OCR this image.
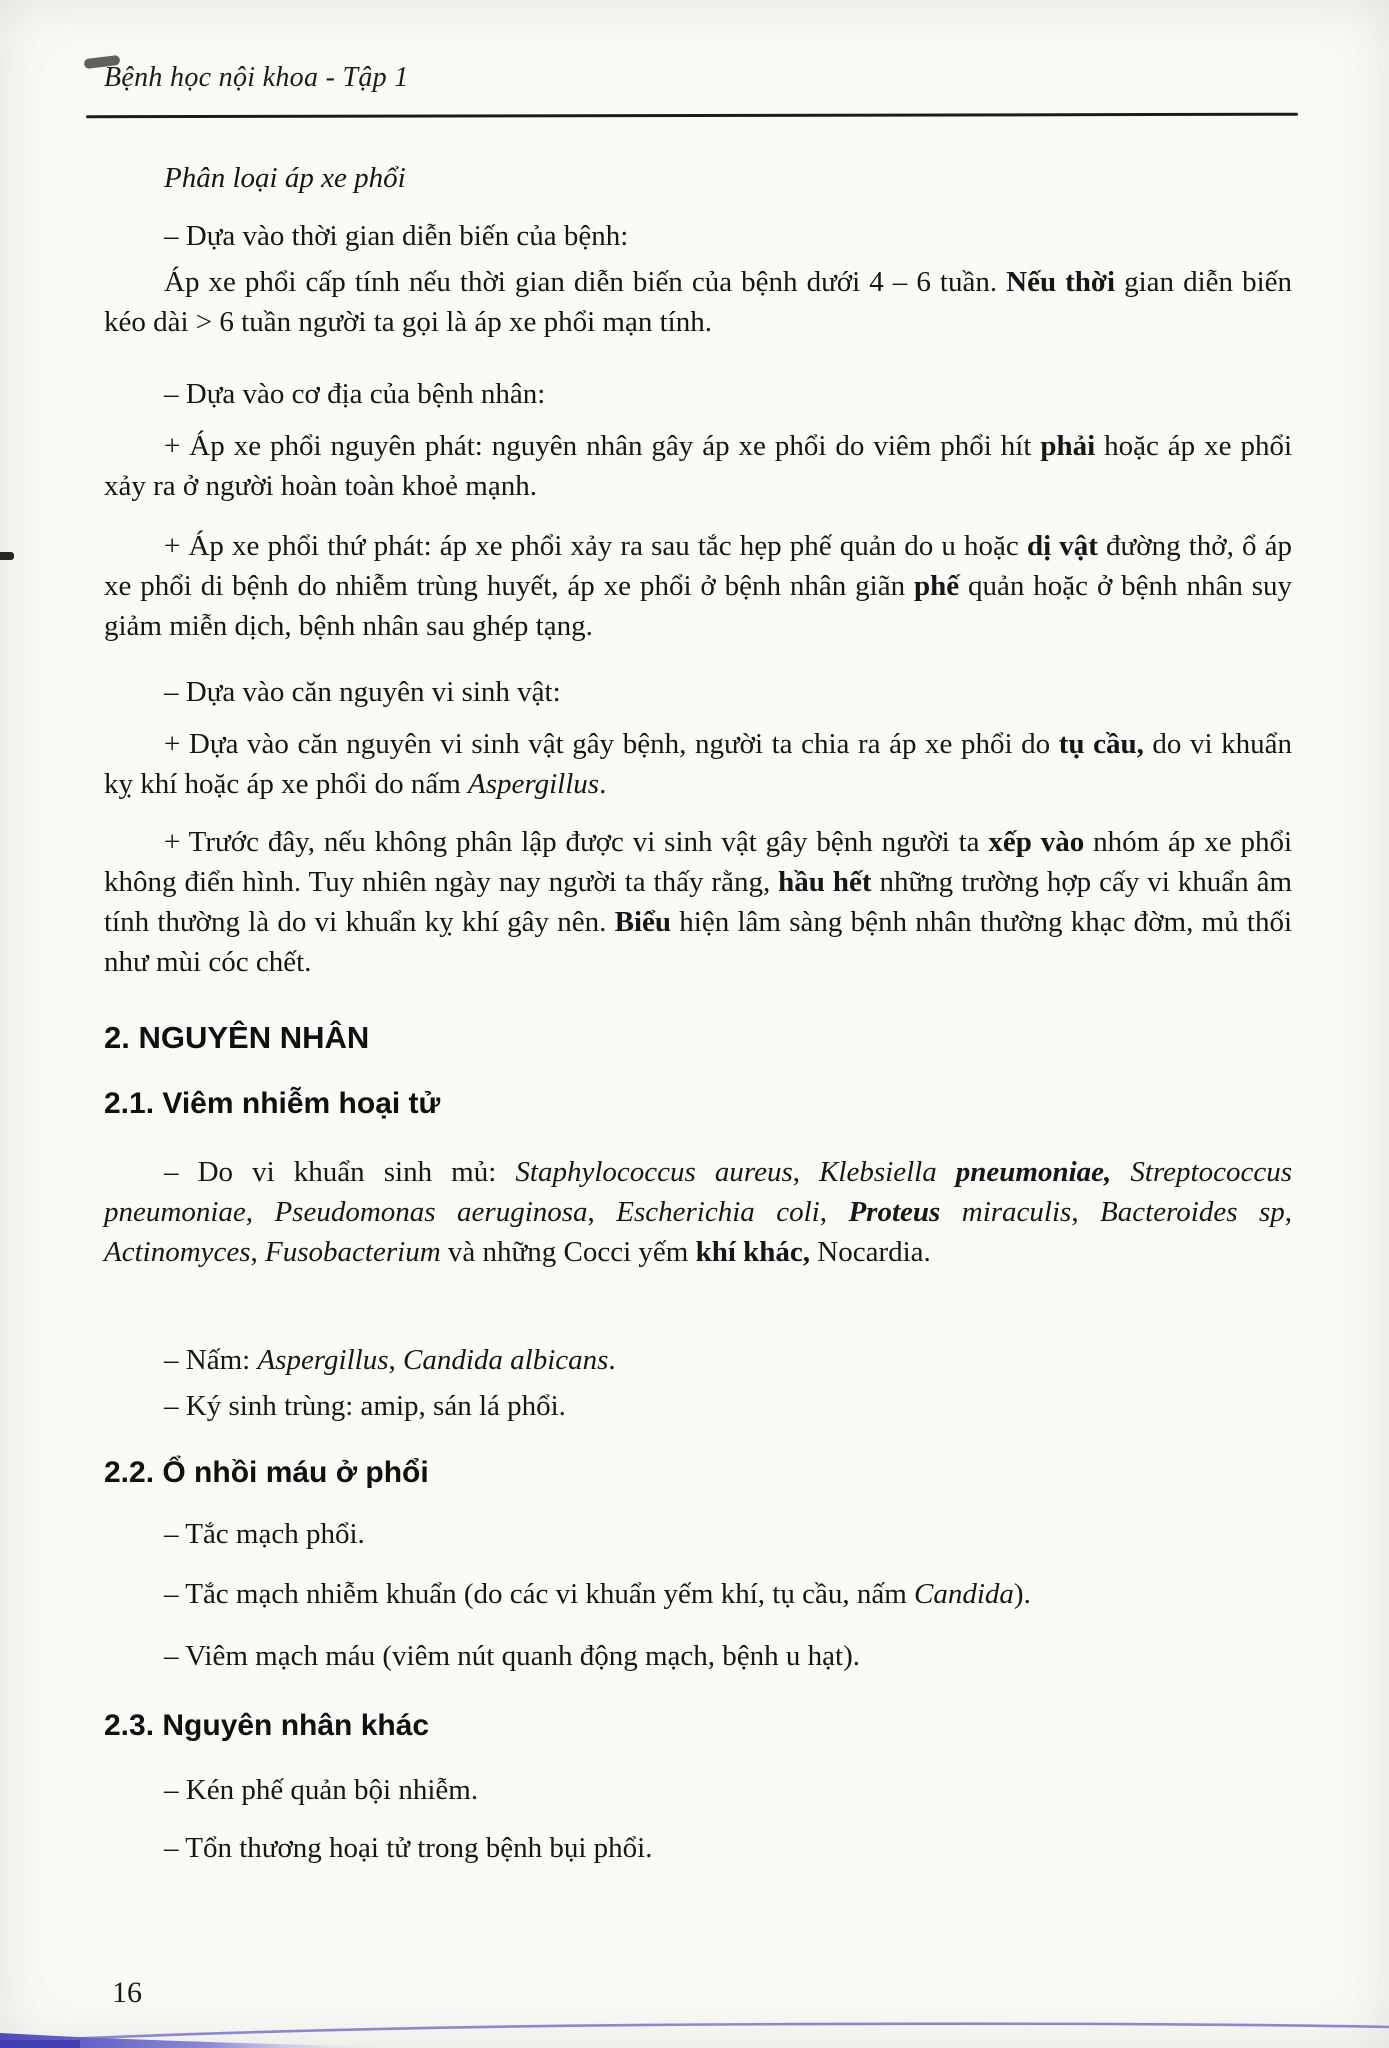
Bệnh học nội khoa - Tập 1
Phân loại áp xe phổi
– Dựa vào thời gian diễn biến của bệnh:
Áp xe phổi cấp tính nếu thời gian diễn biến của bệnh dưới 4 – 6 tuần. Nếu thời gian diễn biến kéo dài > 6 tuần người ta gọi là áp xe phổi mạn tính.
– Dựa vào cơ địa của bệnh nhân:
+ Áp xe phổi nguyên phát: nguyên nhân gây áp xe phổi do viêm phổi hít phải hoặc áp xe phổi xảy ra ở người hoàn toàn khoẻ mạnh.
+ Áp xe phổi thứ phát: áp xe phổi xảy ra sau tắc hẹp phế quản do u hoặc dị vật đường thở, ổ áp xe phổi di bệnh do nhiễm trùng huyết, áp xe phổi ở bệnh nhân giãn phế quản hoặc ở bệnh nhân suy giảm miễn dịch, bệnh nhân sau ghép tạng.
– Dựa vào căn nguyên vi sinh vật:
+ Dựa vào căn nguyên vi sinh vật gây bệnh, người ta chia ra áp xe phổi do tụ cầu, do vi khuẩn kỵ khí hoặc áp xe phổi do nấm Aspergillus.
+ Trước đây, nếu không phân lập được vi sinh vật gây bệnh người ta xếp vào nhóm áp xe phổi không điển hình. Tuy nhiên ngày nay người ta thấy rằng, hầu hết những trường hợp cấy vi khuẩn âm tính thường là do vi khuẩn kỵ khí gây nên. Biểu hiện lâm sàng bệnh nhân thường khạc đờm, mủ thối như mùi cóc chết.
2. NGUYÊN NHÂN
2.1. Viêm nhiễm hoại tử
– Do vi khuẩn sinh mủ: Staphylococcus aureus, Klebsiella pneumoniae, Streptococcus pneumoniae, Pseudomonas aeruginosa, Escherichia coli, Proteus miraculis, Bacteroides sp, Actinomyces, Fusobacterium và những Cocci yếm khí khác, Nocardia.
– Nấm: Aspergillus, Candida albicans.
– Ký sinh trùng: amip, sán lá phổi.
2.2. Ổ nhồi máu ở phổi
– Tắc mạch phổi.
– Tắc mạch nhiễm khuẩn (do các vi khuẩn yếm khí, tụ cầu, nấm Candida).
– Viêm mạch máu (viêm nút quanh động mạch, bệnh u hạt).
2.3. Nguyên nhân khác
– Kén phế quản bội nhiễm.
– Tổn thương hoại tử trong bệnh bụi phổi.
16
